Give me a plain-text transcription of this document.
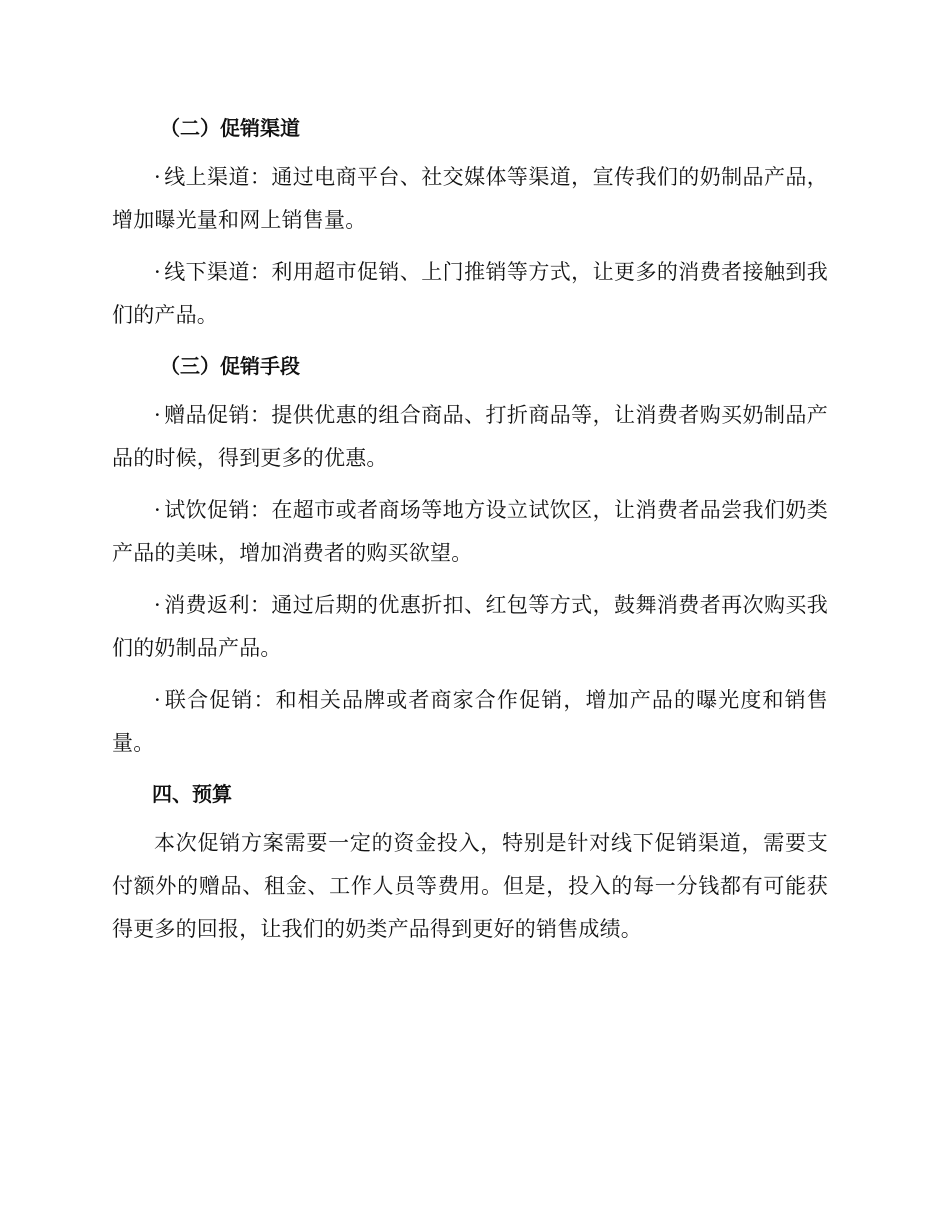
（二）促销渠道

· 线上渠道：通过电商平台、社交媒体等渠道，宣传我们的奶制品产品，增加曝光量和网上销售量。

· 线下渠道：利用超市促销、上门推销等方式，让更多的消费者接触到我们的产品。

（三）促销手段

· 赠品促销：提供优惠的组合商品、打折商品等，让消费者购买奶制品产品的时候，得到更多的优惠。

· 试饮促销：在超市或者商场等地方设立试饮区，让消费者品尝我们奶类产品的美味，增加消费者的购买欲望。

· 消费返利：通过后期的优惠折扣、红包等方式，鼓舞消费者再次购买我们的奶制品产品。

· 联合促销：和相关品牌或者商家合作促销，增加产品的曝光度和销售量。

四、预算

本次促销方案需要一定的资金投入，特别是针对线下促销渠道，需要支付额外的赠品、租金、工作人员等费用。但是，投入的每一分钱都有可能获得更多的回报，让我们的奶类产品得到更好的销售成绩。
